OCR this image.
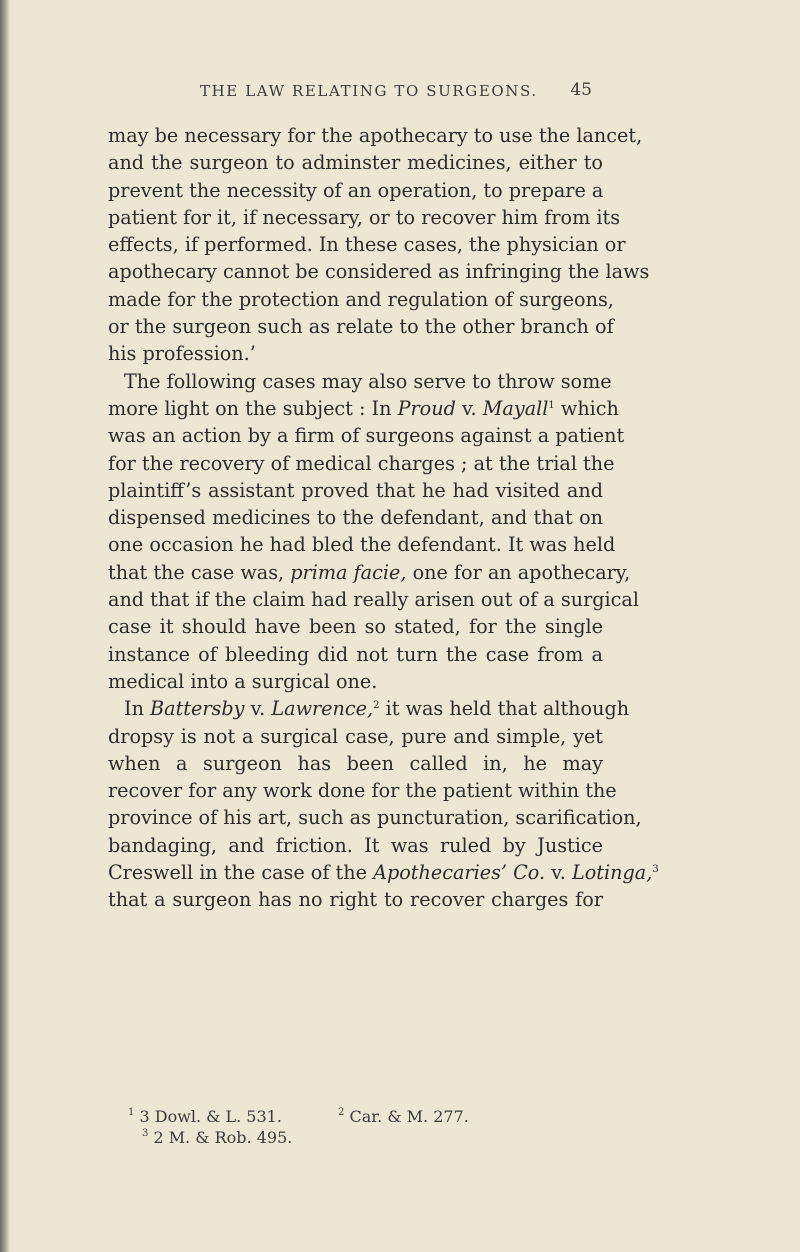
THE LAW RELATING TO SURGEONS.	45
may be necessary for the apothecary to use the lancet,
and the surgeon to adminster medicines, either to
prevent the necessity of an operation, to prepare a
patient for it, if necessary, or to recover him from its
effects, if performed. In these cases, the physician or
apothecary cannot be considered as infringing the laws
made for the protection and regulation of surgeons,
or the surgeon such as relate to the other branch of
his profession.’
The following cases may also serve to throw some
more light on the subject : In Proud v. Mayall$^1$ which
was an action by a firm of surgeons against a patient
for the recovery of medical charges ; at the trial the
plaintiff’s assistant proved that he had visited and
dispensed medicines to the defendant, and that on
one occasion he had bled the defendant. It was held
that the case was, prima facie, one for an apothecary,
and that if the claim had really arisen out of a surgical
case it should have been so stated, for the single
instance of bleeding did not turn the case from a
medical into a surgical one.
In Battersby v. Lawrence,$^2$ it was held that although
dropsy is not a surgical case, pure and simple, yet
when a surgeon has been called in, he may
recover for any work done for the patient within the
province of his art, such as puncturation, scarification,
bandaging, and friction. It was ruled by Justice
Creswell in the case of the Apothecaries’ Co. v. Lotinga,$^3$
that a surgeon has no right to recover charges for
$^1$ 3 Dowl. & L. 531.	$^2$ Car. & M. 277.
$^3$ 2 M. & Rob. 495.
